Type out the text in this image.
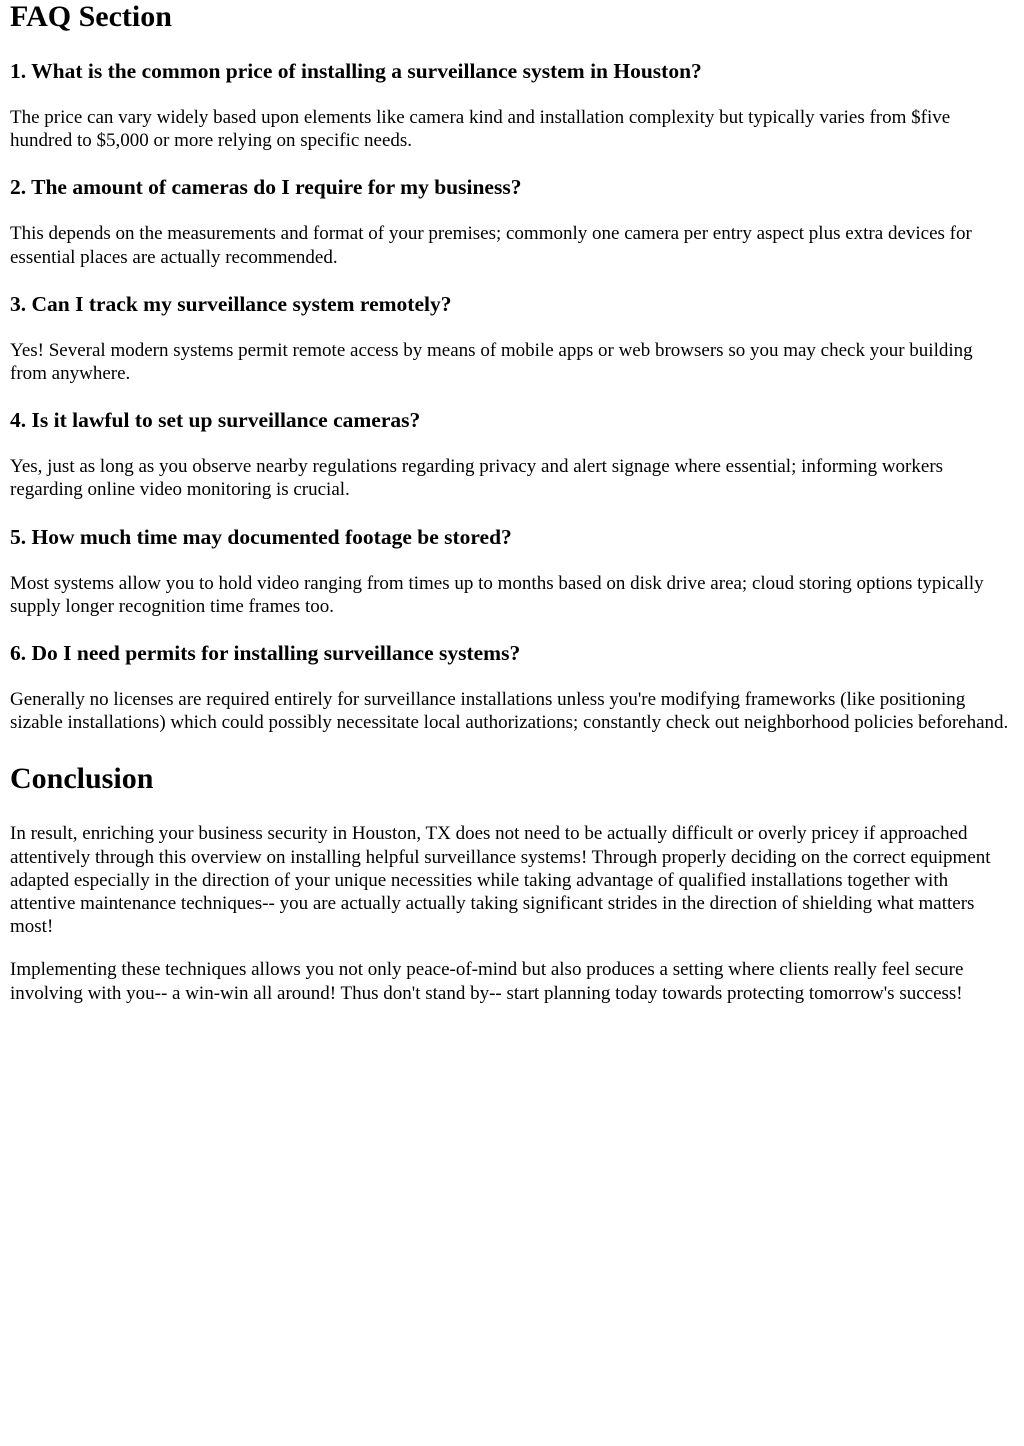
FAQ Section
1. What is the common price of installing a surveillance system in Houston?

The price can vary widely based upon elements like camera kind and installation complexity but typically varies from $five hundred to $5,000 or more relying on specific needs.

2. The amount of cameras do I require for my business?

This depends on the measurements and format of your premises; commonly one camera per entry aspect plus extra devices for essential places are actually recommended.

3. Can I track my surveillance system remotely?

Yes! Several modern systems permit remote access by means of mobile apps or web browsers so you may check your building from anywhere.

4. Is it lawful to set up surveillance cameras?

Yes, just as long as you observe nearby regulations regarding privacy and alert signage where essential; informing workers regarding online video monitoring is crucial.

5. How much time may documented footage be stored?

Most systems allow you to hold video ranging from times up to months based on disk drive area; cloud storing options typically supply longer recognition time frames too.

6. Do I need permits for installing surveillance systems?

Generally no licenses are required entirely for surveillance installations unless you're modifying frameworks (like positioning sizable installations) which could possibly necessitate local authorizations; constantly check out neighborhood policies beforehand.

Conclusion

In result, enriching your business security in Houston, TX does not need to be actually difficult or overly pricey if approached attentively through this overview on installing helpful surveillance systems! Through properly deciding on the correct equipment adapted especially in the direction of your unique necessities while taking advantage of qualified installations together with attentive maintenance techniques-- you are actually actually taking significant strides in the direction of shielding what matters most!

Implementing these techniques allows you not only peace-of-mind but also produces a setting where clients really feel secure involving with you-- a win-win all around! Thus don't stand by-- start planning today towards protecting tomorrow's success!
